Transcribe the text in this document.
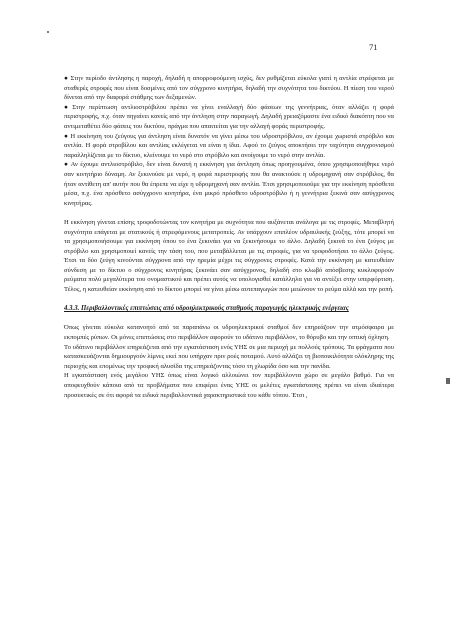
71

● Στην περίοδο άντλησης η παροχή, δηλαδή η απορροφούμενη ισχύς, δεν ρυθμίζεται εύκολα γιατί η αντλία στρέφεται με σταθερές στροφές που είναι δοσμένες από τον σύγχρονο κινητήρα, δηλαδή την συχνότητα του δικτύου. Η πίεση του νερού δίνεται από την διαφορά στάθμης των δεξαμενών.

● Στην περίπτωση αντλιοστρόβιλου πρέπει να γίνει εναλλαγή δύο φάσεων της γεννήτριας, όταν αλλάζει η φορά περιστροφής, π.χ. όταν πηγαίνει κανείς από την άντληση στην παραγωγή. Δηλαδή χρειαζόμαστε ένα ειδικό διακόπτη που να αντιμεταθέτει δύο φάσεις του δικτύου, πράγμα που απαιτείται για την αλλαγή φοράς περιστροφής.

● Η εκκίνηση του ζεύγους για άντληση είναι δυνατόν να γίνει μέσω του υδροστρόβιλου, αν έχουμε χωριστά στρόβιλο και αντλία. Η φορά στροβίλου και αντλίας εκλέγεται να είναι η ίδια. Αφού το ζεύγος αποκτήσει την ταχύτητα συγχρονισμού παραλληλίζεται με το δίκτυο, κλείνουμε το νερό στο στρόβιλο και ανοίγουμε το νερό στην αντλία.

● Αν έχουμε αντλιοστρόβιλο, δεν είναι δυνατή η εκκίνηση για άντληση όπως προηγουμένα, όπου χρησιμοποιήθηκε νερό σαν κινητήριο δύναμη. Αν ξεκινούσε με νερό, η φορά περιστροφής που θα ανακτούσε η υδρομηχανή σαν στρόβιλος, θα ήταν αντίθετη απ' αυτήν που θα έπρεπε να είχε η υδρομηχανή σαν αντλία. Έτσι χρησιμοποιούμε για την εκκίνηση πρόσθετα μέσα, π.χ. ένα πρόσθετο ασύγχρονο κινητήρα, ένα μικρό πρόσθετο υδροστρόβιλο ή η γεννήτρια ξεκινά σαν ασύγχρονος κινητήρας.

Η εκκίνηση γίνεται επίσης τροφοδοτώντας τον κινητήρα με συχνότητα που αυξάνεται ανάλογα με τις στροφές. Μεταβλητή συχνότητα επάγεται με στατικούς ή στρεφόμενους μετατροπείς. Αν υπάρχουν επιπλέον υδραυλικής ζεύξης, τότε μπορεί να τα χρησιμοποιήσουμε για εκκίνηση όπου το ένα ξεκινάει για να ξεκινήσουμε το άλλο. Δηλαδή ξεκινά το ένα ζεύγος με στρόβιλο και χρησιμοποιεί κανείς την τάση του, που μεταβάλλεται με τις στροφές, για να τροφοδοτήσει το άλλο ζεύγος. Έτσι τα δύο ζεύγη κινούνται σύγχρονα από την ηρεμία μέχρι τις σύγχρονες στροφές. Κατά την εκκίνηση με κατευθείαν σύνδεση με το δίκτυο ο σύγχρονος κινητήρας ξεκινάει σαν ασύγχρονος, δηλαδή στο κλωβό απόσβεσης κυκλοφορούν ρεύματα πολύ μεγαλύτερα του ονομαστικού και πρέπει αυτός να υπολογισθεί κατάλληλα για να αντέξει στην υπερφόρτιση. Τέλος, η κατευθείαν εκκίνηση από το δίκτυο μπορεί να γίνει μέσω αυτεπαγωγών που μειώνουν το ρεύμα αλλά και την ροπή.

4.3.3. Περιβαλλοντικές επιπτώσεις από υδροηλεκτρικούς σταθμούς παραγωγής ηλεκτρικής ενέργειας

Όπως γίνεται εύκολα κατανοητό από τα παραπάνω οι υδροηλεκτρικοί σταθμοί δεν επηρεάζουν την ατμόσφαιρα με εκπομπές ρύπων. Οι μόνες επιπτώσεις στο περιβάλλον αφορούν το υδάτινο περιβάλλον, το θόρυβο και την οπτική όχληση.

Το υδάτινο περιβάλλον επηρεάζεται από την εγκατάσταση ενός ΥΗΣ σε μια περιοχή με πολλούς τρόπους. Τα φράγματα που κατασκευάζονται δημιουργούν λίμνες εκεί που υπήρχαν πριν ροές ποταμού. Αυτό αλλάζει τη βιοποικιλότητα ολόκληρης της περιοχής και επομένως την τροφική αλυσίδα της επηρεάζοντας τόσο τη χλωρίδα όσο και την πανίδα.

Η εγκατάσταση ενός μεγάλου ΥΗΣ όπως είναι λογικό αλλοιώνει τον περιβάλλοντα χώρο σε μεγάλο βαθμό. Για να αποφευχθούν κάποια από τα προβλήματα που επιφέρει ένας ΥΗΣ οι μελέτες εγκατάστασης πρέπει να είναι ιδιαίτερα προσεκτικές σε ότι αφορά τα ειδικά περιβαλλοντικά χαρακτηριστικά του κάθε τόπου. Έτσι ,
